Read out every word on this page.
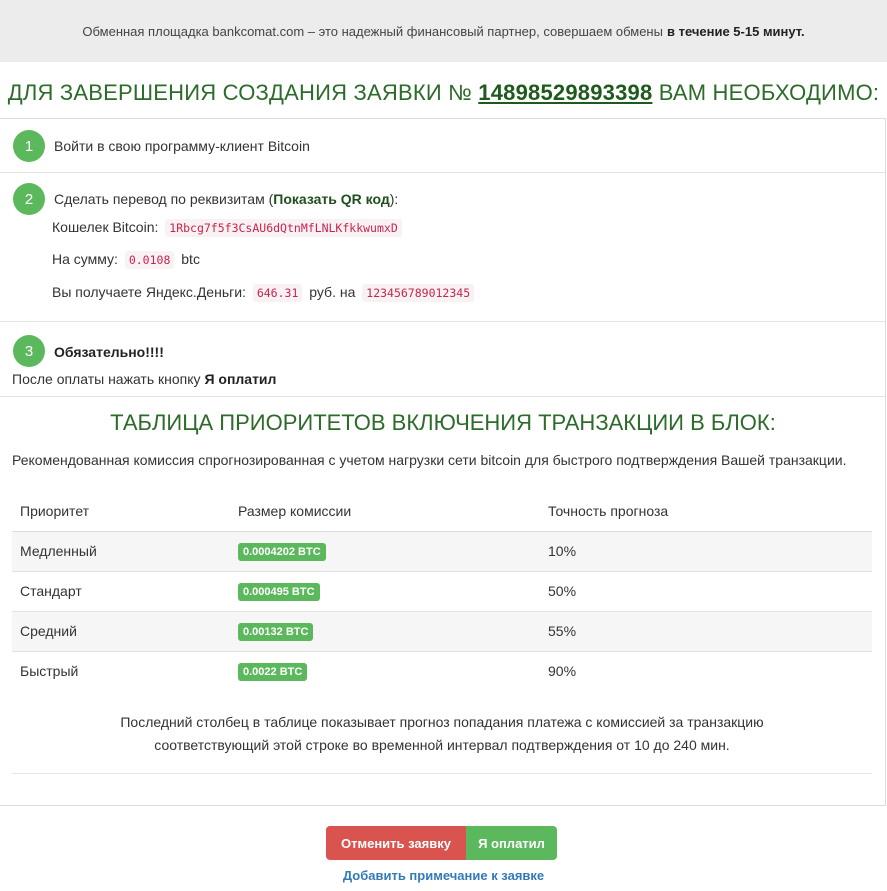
Обменная площадка bankcomat.com – это надежный финансовый партнер, совершаем обмены в течение 5-15 минут.
ДЛЯ ЗАВЕРШЕНИЯ СОЗДАНИЯ ЗАЯВКИ № 14898529893398 ВАМ НЕОБХОДИМО:
1	Войти в свою программу-клиент Bitcoin
2	Сделать перевод по реквизитам (Показать QR код):
Кошелек Bitcoin: 1Rbcg7f5f3CsAU6dQtnMfLNLKfkkwumxD
На сумму: 0.0108 btc
Вы получаете Яндекс.Деньги: 646.31 руб. на 123456789012345
3	Обязательно!!!!
После оплаты нажать кнопку Я оплатил
ТАБЛИЦА ПРИОРИТЕТОВ ВКЛЮЧЕНИЯ ТРАНЗАКЦИИ В БЛОК:
Рекомендованная комиссия спрогнозированная с учетом нагрузки сети bitcoin для быстрого подтверждения Вашей транзакции.
Приоритет	Размер комиссии	Точность прогноза
Медленный	0.0004202 BTC	10%
Стандарт	0.000495 BTC	50%
Средний	0.00132 BTC	55%
Быстрый	0.0022 BTC	90%
Последний столбец в таблице показывает прогноз попадания платежа с комиссией за транзакцию
соответствующий этой строке во временной интервал подтверждения от 10 до 240 мин.
Отменить заявку	Я оплатил
Добавить примечание к заявке
